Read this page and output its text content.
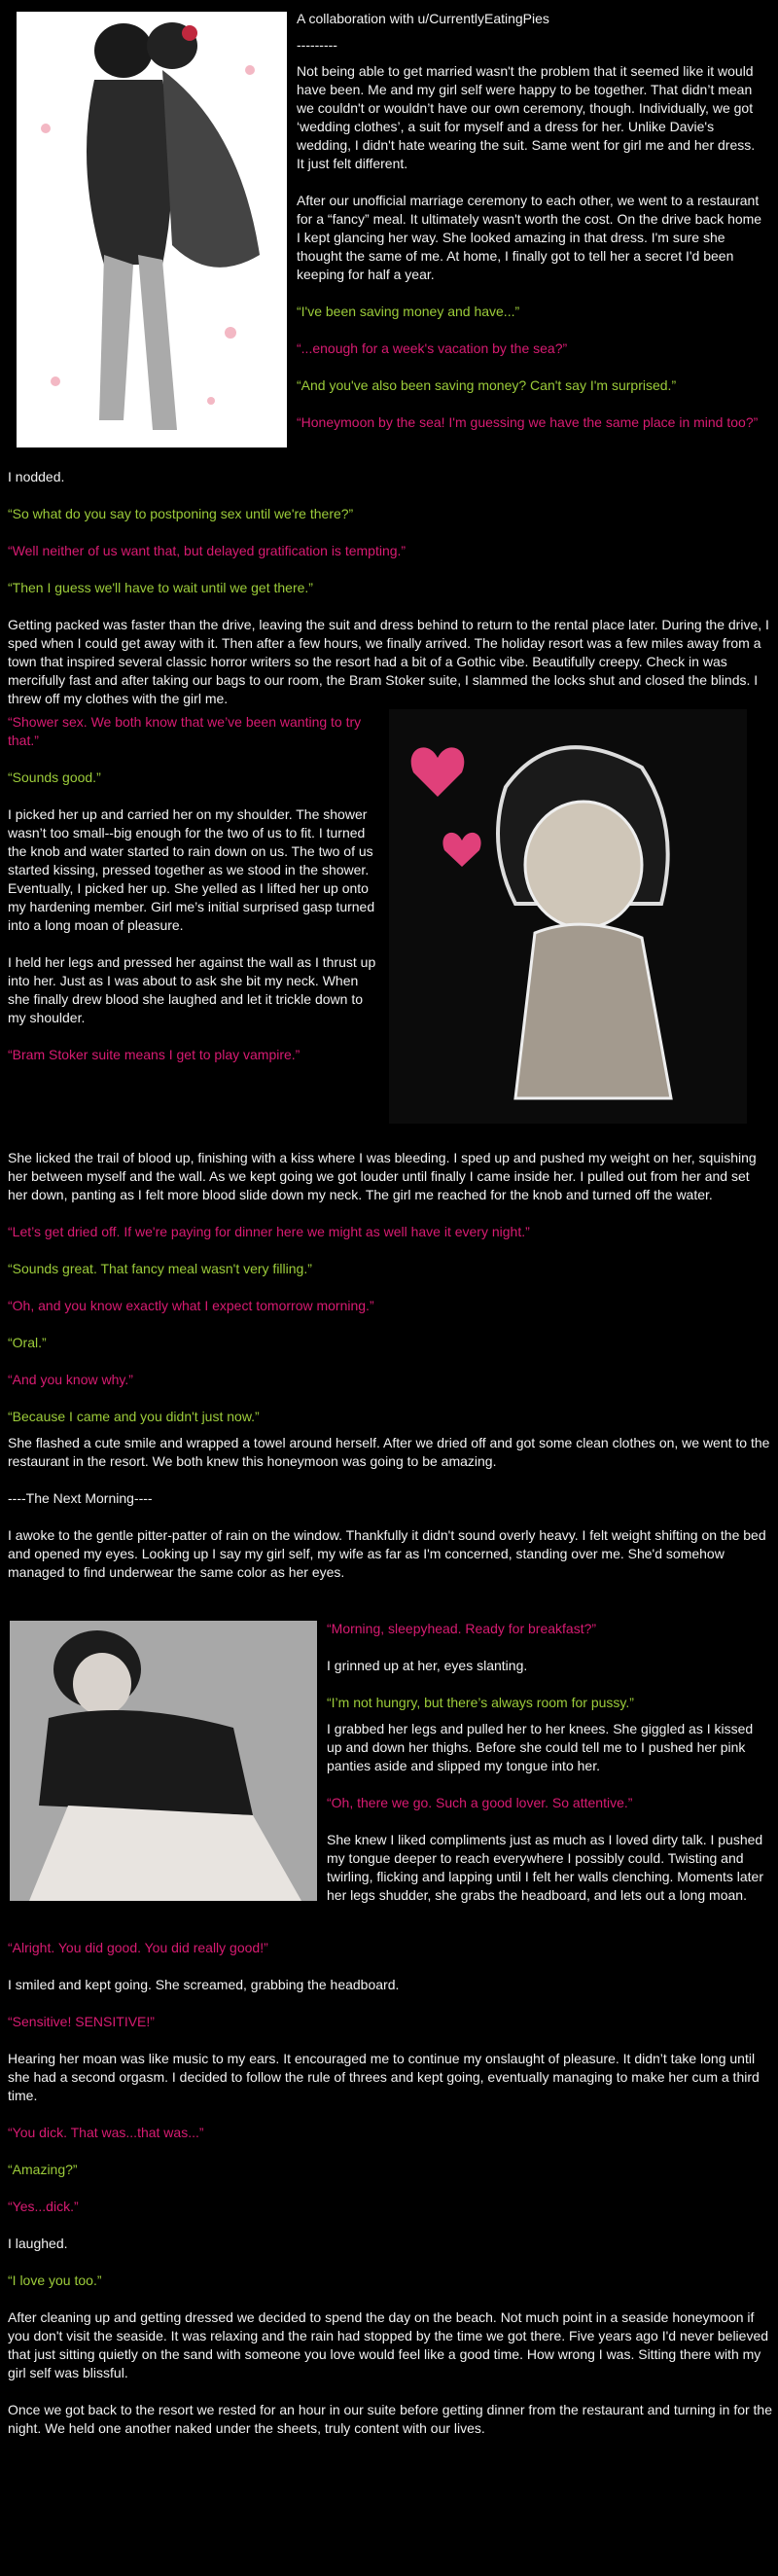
A collaboration with u/CurrentlyEatingPies

---------

Not being able to get married wasn't the problem that it seemed like it would have been. Me and my girl self were happy to be together. That didn’t mean we couldn't or wouldn’t have our own ceremony, though. Individually, we got ‘wedding clothes’, a suit for myself and a dress for her. Unlike Davie's wedding, I didn't hate wearing the suit. Same went for girl me and her dress. It just felt different.

After our unofficial marriage ceremony to each other, we went to a restaurant for a “fancy” meal. It ultimately wasn't worth the cost. On the drive back home I kept glancing her way. She looked amazing in that dress. I'm sure she thought the same of me. At home, I finally got to tell her a secret I'd been keeping for half a year.

“I've been saving money and have...”

“...enough for a week's vacation by the sea?”

“And you've also been saving money? Can't say I'm surprised.”

“Honeymoon by the sea! I'm guessing we have the same place in mind too?”

I nodded.

“So what do you say to postponing sex until we're there?”

“Well neither of us want that, but delayed gratification is tempting.”

“Then I guess we'll have to wait until we get there.”

Getting packed was faster than the drive, leaving the suit and dress behind to return to the rental place later. During the drive, I sped when I could get away with it. Then after a few hours, we finally arrived. The holiday resort was a few miles away from a town that inspired several classic horror writers so the resort had a bit of a Gothic vibe. Beautifully creepy. Check in was mercifully fast and after taking our bags to our room, the Bram Stoker suite, I slammed the locks shut and closed the blinds. I threw off my clothes with the girl me.

“Shower sex. We both know that we’ve been wanting to try that.”

“Sounds good.”

I picked her up and carried her on my shoulder. The shower wasn’t too small--big enough for the two of us to fit. I turned the knob and water started to rain down on us. The two of us started kissing, pressed together as we stood in the shower. Eventually, I picked her up. She yelled as I lifted her up onto my hardening member. Girl me’s initial surprised gasp turned into a long moan of pleasure.

I held her legs and pressed her against the wall as I thrust up into her. Just as I was about to ask she bit my neck. When she finally drew blood she laughed and let it trickle down to my shoulder.

“Bram Stoker suite means I get to play vampire.”

She licked the trail of blood up, finishing with a kiss where I was bleeding. I sped up and pushed my weight on her, squishing her between myself and the wall. As we kept going we got louder until finally I came inside her. I pulled out from her and set her down, panting as I felt more blood slide down my neck. The girl me reached for the knob and turned off the water.

“Let’s get dried off. If we're paying for dinner here we might as well have it every night.”

“Sounds great. That fancy meal wasn't very filling.”

“Oh, and you know exactly what I expect tomorrow morning.”

“Oral.”

“And you know why.”

“Because I came and you didn't just now.”

She flashed a cute smile and wrapped a towel around herself. After we dried off and got some clean clothes on, we went to the restaurant in the resort. We both knew this honeymoon was going to be amazing.

----The Next Morning----

I awoke to the gentle pitter-patter of rain on the window. Thankfully it didn't sound overly heavy. I felt weight shifting on the bed and opened my eyes. Looking up I say my girl self, my wife as far as I'm concerned, standing over me. She'd somehow managed to find underwear the same color as her eyes.

“Morning, sleepyhead. Ready for breakfast?”

I grinned up at her, eyes slanting.

“I’m not hungry, but there’s always room for pussy.”

I grabbed her legs and pulled her to her knees. She giggled as I kissed up and down her thighs. Before she could tell me to I pushed her pink panties aside and slipped my tongue into her.

“Oh, there we go. Such a good lover. So attentive.”

She knew I liked compliments just as much as I loved dirty talk. I pushed my tongue deeper to reach everywhere I possibly could. Twisting and twirling, flicking and lapping until I felt her walls clenching. Moments later her legs shudder, she grabs the headboard, and lets out a long moan.

“Alright. You did good. You did really good!”

I smiled and kept going. She screamed, grabbing the headboard.

“Sensitive! SENSITIVE!”

Hearing her moan was like music to my ears. It encouraged me to continue my onslaught of pleasure. It didn’t take long until she had a second orgasm. I decided to follow the rule of threes and kept going, eventually managing to make her cum a third time.

“You dick. That was...that was...”

“Amazing?”

“Yes...dick.”

I laughed.

“I love you too.”

After cleaning up and getting dressed we decided to spend the day on the beach. Not much point in a seaside honeymoon if you don't visit the seaside. It was relaxing and the rain had stopped by the time we got there. Five years ago I'd never believed that just sitting quietly on the sand with someone you love would feel like a good time. How wrong I was. Sitting there with my girl self was blissful.

Once we got back to the resort we rested for an hour in our suite before getting dinner from the restaurant and turning in for the night. We held one another naked under the sheets, truly content with our lives.
